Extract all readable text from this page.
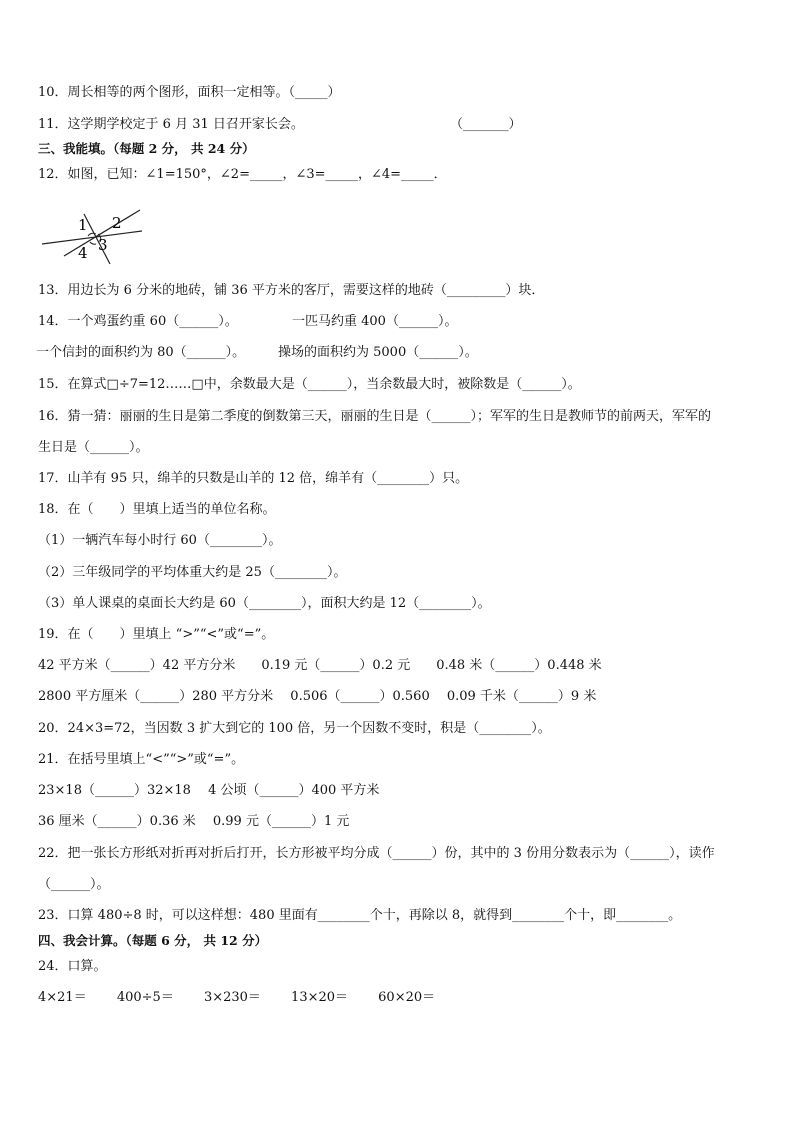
10．周长相等的两个图形，面积一定相等。（_____）
11．这学期学校定于 6 月 31 日召开家长会。	（_______）
三、我能填。（每题 2 分， 共 24 分）
12．如图，已知：∠1=150°，∠2=_____，∠3=_____，∠4=_____．
1 2
3
4
13．用边长为 6 分米的地砖，铺 36 平方米的客厅，需要这样的地砖（_________）块．
14．一个鸡蛋约重 60（______）。	一匹马约重 400（______）。
一个信封的面积约为 80（______）。	操场的面积约为 5000（______）。
15．在算式□÷7=12……□中，余数最大是（______），当余数最大时，被除数是（______）。
16．猜一猜：丽丽的生日是第二季度的倒数第三天，丽丽的生日是（______）；军军的生日是教师节的前两天，军军的
生日是（______）。
17．山羊有 95 只，绵羊的只数是山羊的 12 倍，绵羊有（________）只。
18．在（　　）里填上适当的单位名称。
（1）一辆汽车每小时行 60（________）。
（2）三年级同学的平均体重大约是 25（________）。
（3）单人课桌的桌面长大约是 60（________），面积大约是 12（________）。
19．在（　　）里填上 “>”“<”或“=”。
42 平方米（______）42 平方分米　　0.19 元（______）0.2 元　　0.48 米（______）0.448 米
2800 平方厘米（______）280 平方分米　 0.506（______）0.560　 0.09 千米（______）9 米
20．24×3=72，当因数 3 扩大到它的 100 倍，另一个因数不变时，积是（________）。
21．在括号里填上“<”“>”或“=”。
23×18（______）32×18　 4 公顷（______）400 平方米
36 厘米（______）0.36 米　 0.99 元（______）1 元
22．把一张长方形纸对折再对折后打开，长方形被平均分成（______）份，其中的 3 份用分数表示为（______），读作
（______）。
23．口算 480÷8 时，可以这样想：480 里面有________个十，再除以 8，就得到________个十，即________。
四、我会计算。（每题 6 分， 共 12 分）
24．口算。
4×21＝　　 400÷5＝　　 3×230＝　　 13×20＝　　 60×20＝
